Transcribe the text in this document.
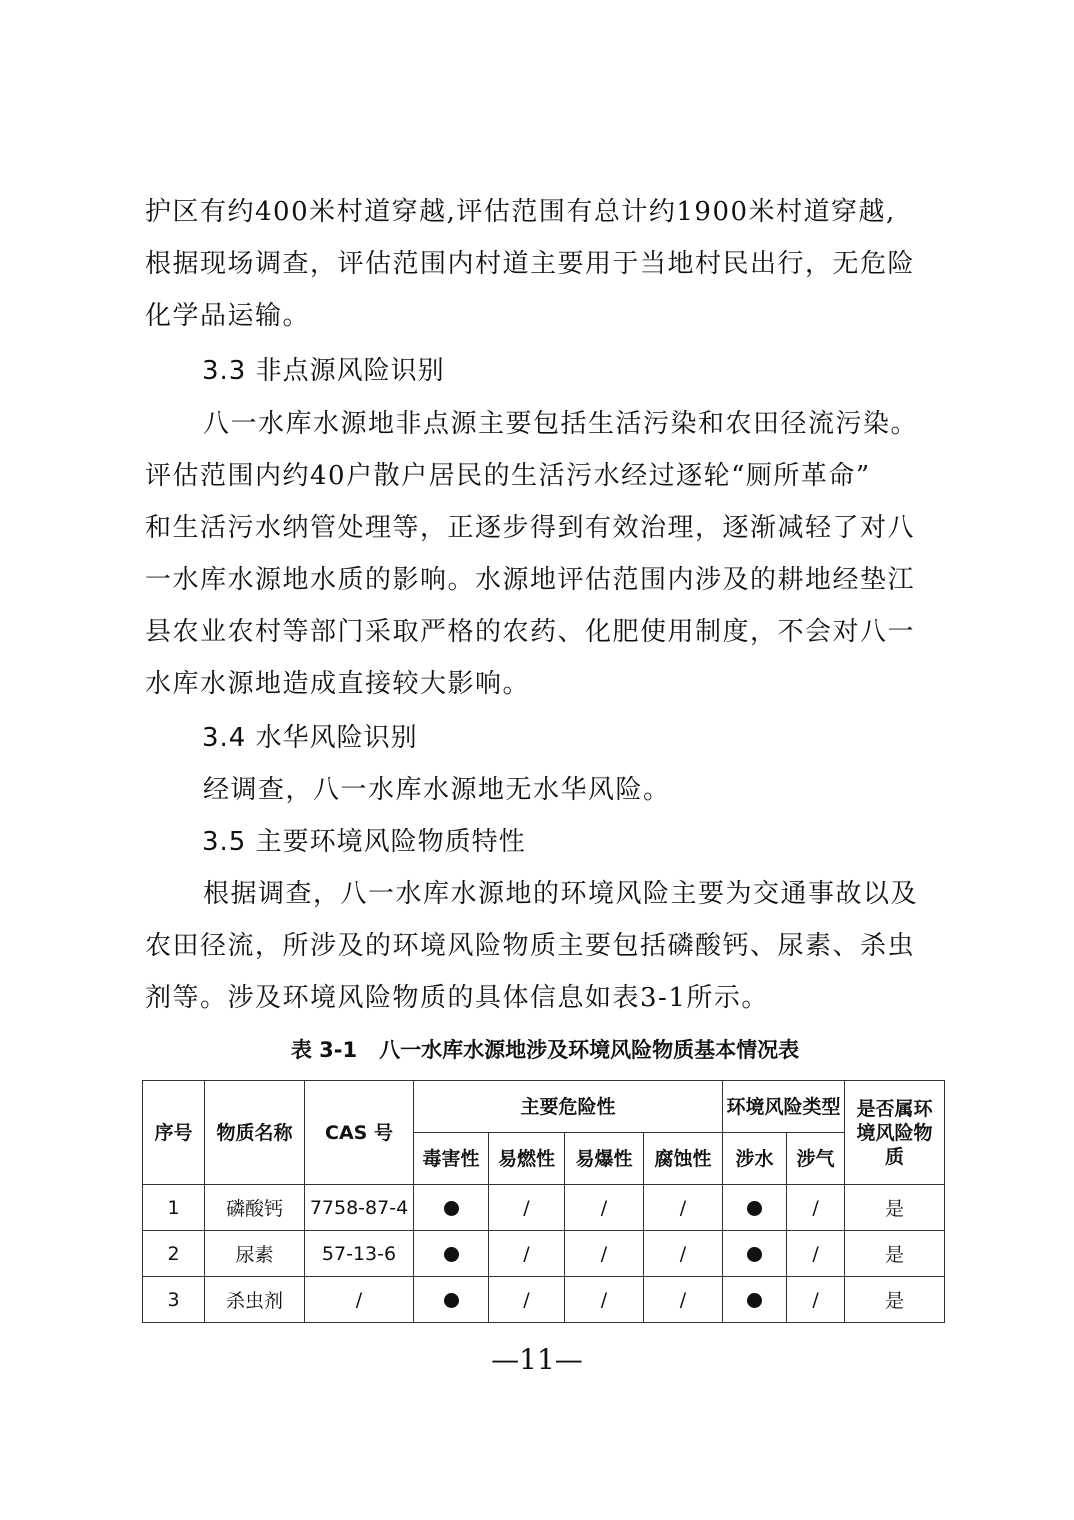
护区有约400米村道穿越,评估范围有总计约1900米村道穿越,
根据现场调查，评估范围内村道主要用于当地村民出行，无危险
化学品运输。
3.3 非点源风险识别
八一水库水源地非点源主要包括生活污染和农田径流污染。
评估范围内约40户散户居民的生活污水经过逐轮“厕所革命”
和生活污水纳管处理等，正逐步得到有效治理，逐渐减轻了对八
一水库水源地水质的影响。水源地评估范围内涉及的耕地经垫江
县农业农村等部门采取严格的农药、化肥使用制度，不会对八一
水库水源地造成直接较大影响。
3.4 水华风险识别
经调查，八一水库水源地无水华风险。
3.5 主要环境风险物质特性
根据调查，八一水库水源地的环境风险主要为交通事故以及
农田径流，所涉及的环境风险物质主要包括磷酸钙、尿素、杀虫
剂等。涉及环境风险物质的具体信息如表3-1所示。
表 3-1 八一水库水源地涉及环境风险物质基本情况表
序号	物质名称	CAS 号	主要危险性				环境风险类型		是否属环境风险物质
			毒害性	易燃性	易爆性	腐蚀性	涉水	涉气	
1	磷酸钙	7758-87-4		/	/	/		/	是
2	尿素	57-13-6		/	/	/		/	是
3	杀虫剂	/		/	/	/		/	是
—11—
